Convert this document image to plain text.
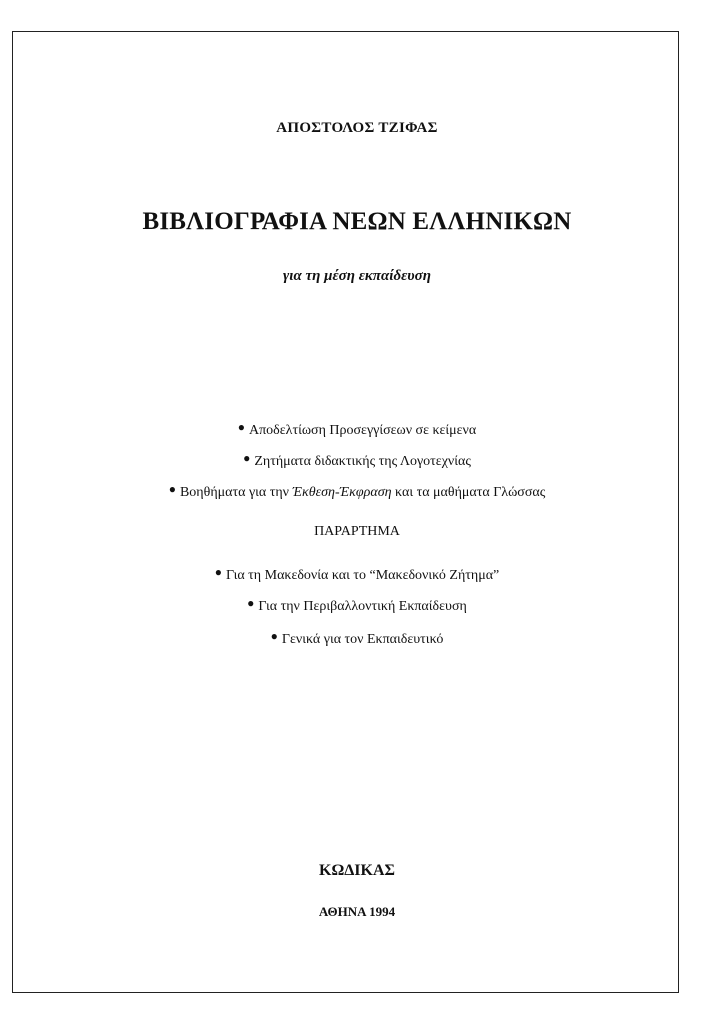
ΑΠΟΣΤΟΛΟΣ ΤΖΙΦΑΣ
ΒΙΒΛΙΟΓΡΑΦΙΑ ΝΕΩΝ ΕΛΛΗΝΙΚΩΝ
για τη μέση εκπαίδευση
● Αποδελτίωση Προσεγγίσεων σε κείμενα
● Ζητήματα διδακτικής της Λογοτεχνίας
● Βοηθήματα για την Έκθεση-Έκφραση και τα μαθήματα Γλώσσας
ΠΑΡΑΡΤΗΜΑ
● Για τη Μακεδονία και το “Μακεδονικό Ζήτημα”
● Για την Περιβαλλοντική Εκπαίδευση
● Γενικά για τον Εκπαιδευτικό
ΚΩΔΙΚΑΣ
ΑΘΗΝΑ 1994
